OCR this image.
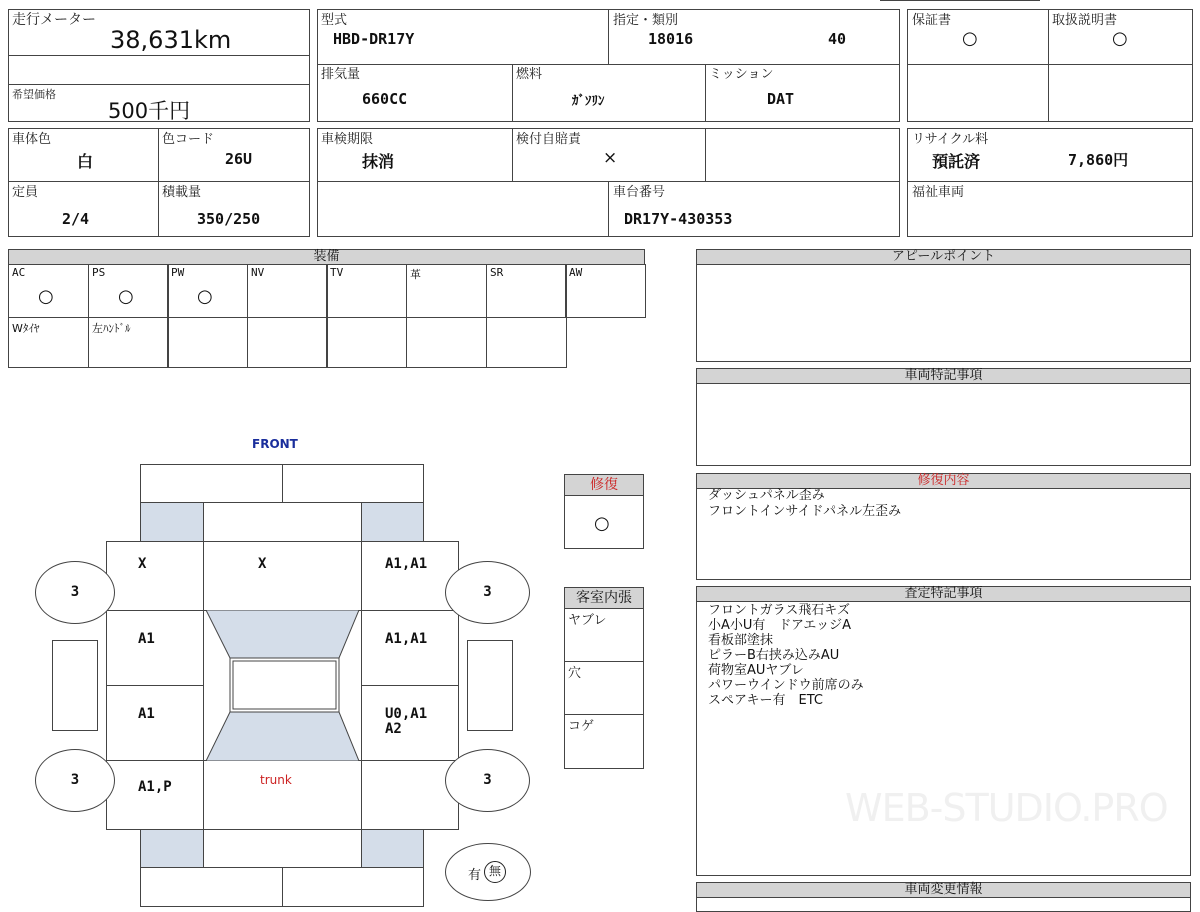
走行メーター
38,631km
希望価格
500千円
型式
HBD-DR17Y
指定・類別
18016	40
排気量
660CC
燃料
ｶﾞｿﾘﾝ
ミッション
DAT
保証書
○
取扱説明書
○
車体色
白
色コード
26U
定員
2/4
積載量
350/250
車検期限
抹消
検付自賠責
×
車台番号
DR17Y-430353
リサイクル料
預託済	7,860円
福祉車両
装備
AC
○
PS
○
PW
○
NV	TV	革	SR	AW
Wﾀｲﾔ	左ﾊﾝﾄﾞﾙ
FRONT
X	X	A1,A1
A1	A1,A1
A1	U0,A1
A2
A1,P	trunk
3	3
3	3
有 無
修復
○
客室内張
ヤブレ
穴
コゲ
アピールポイント
車両特記事項
修復内容
ダッシュパネル歪み
フロントインサイドパネル左歪み
査定特記事項
フロントガラス飛石キズ
小A小U有　ドアエッジA
看板部塗抹
ピラーB右挟み込みAU
荷物室AUヤブレ
パワーウインドウ前席のみ
スペアキー有　ETC
WEB-STUDIO.PRO
車両変更情報
